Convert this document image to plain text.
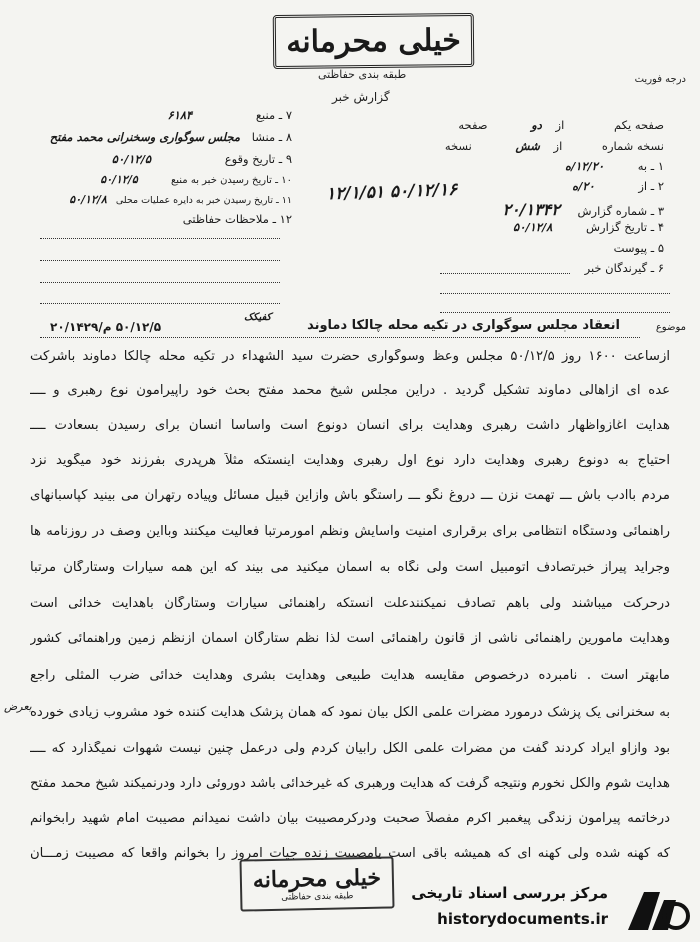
خیلی محرمانه
طبقه بندی حفاظتی
گزارش خبر
درجه فوریت
۷ ـ منبع ۶۱۸۴
۸ ـ منشا مجلس سوگواری وسخنرانی محمد مفتح
۹ ـ تاریخ وقوع ۵۰/۱۲/۵
۱۰ ـ تاریخ رسیدن خبر به منبع ۵۰/۱۲/۵
۱۱ ـ تاریخ رسیدن خبر به دایره عملیات محلی ۵۰/۱۲/۸
۱۲ ـ ملاحظات حفاظتی
صفحه یکم از دو صفحه
نسخه شماره از شش نسخه
۱ ـ به ۱۲/۲۰/ه
۲ ـ از ۲۰/ه
۳ ـ شماره گزارش ۲۰/۱۳۴۲
۴ ـ تاریخ گزارش ۵۰/۱۲/۸
۵ ـ پیوست
۶ ـ گیرندگان خبر
۵۰/۱۲/۱۶ ۱۲/۱/۵۱
موضوع
انعقاد مجلس سوگواری در تکیه محله چالکا دماوند
۵۰/۱۲/۵ م/۲۰/۱۴۲۹
کفیکک
ازساعت ۱۶۰۰ روز ۵۰/۱۲/۵ مجلس وعظ وسوگواری حضرت سید الشهداء در تکیه محله چالکا دماوند باشرکت
عده ای ازاهالی دماوند تشکیل گردید . دراین مجلس شیخ محمد مفتح بحث خود راپیرامون نوع رهبری و ــــ
هدایت آغازواظهار داشت رهبری وهدایت برای انسان دونوع است واساساً انسان برای رسیدن بسعادت ــــ
احتیاج به دونوع رهبری وهدایت دارد نوع اول رهبری وهدایت اینستکه مثلاً هرپدری بفرزند خود میگوید نزد
مردم باادب باش ـــ تهمت نزن ـــ دروغ نگو ـــ راستگو باش وازاین قبیل مسائل وپیاده رتهران می بینید کپاسبانهای
راهنمائی ودستگاه انتظامی برای برقراری امنیت وآسایش ونظم امورمرتباً فعالیت میکنند وبااین وصف در روزنامه ها
وجراید پیراز خبرتصادف اتومبیل است ولی نگاه به آسمان میکنید می بیند که این همه سیارات وستارگان مرتباً
درحرکت میباشند ولی باهم تصادف نمیکنندعلت آنستکه راهنمائی سیارات وستارگان باهدایت خدائی است
وهدایت مامورین راهنمائی ناشی از قانون راهنمائی است لذا نظم ستارگان آسمان ازنظم زمین وراهنمائی کشور
مابهتر است . نامبرده درخصوص مقایسه هدایت طبیعی وهدایت بشری وهدایت خدائی ضرب المثلی راجع
به سخنرانی یک پزشک درمورد مضرات علمی الکل بیان نمود که همان پزشک هدایت کننده خود مشروب زیادی خورده
بود وازاو ایراد کردند گفت من مضرات علمی الکل رابیان کردم ولی درعمل چنین نیست شهوات نمیگذارد که ــــ
هدایت شوم والکل نخورم ونتیجه گرفت که هدایت ورهبری که غیرخدائی باشد دوروئی دارد ودرنمیکند شیخ محمد مفتح
درخاتمه پیرامون زندگی پیغمبر اکرم مفصلاً صحبت ودرکرمصیبت بیان داشت نمیدانم مصیبت امام شهید رابخوانم
که کهنه شده ولی کهنه ای که همیشه باقی است یامصیبت زنده جیات امروز را بخوانم واقعاً که مصیبت زمـــان
بعرض
خیلی محرمانه
طبقه بندی حفاظتی	مرکز بررسی اسناد تاریخی
historydocuments.ir
